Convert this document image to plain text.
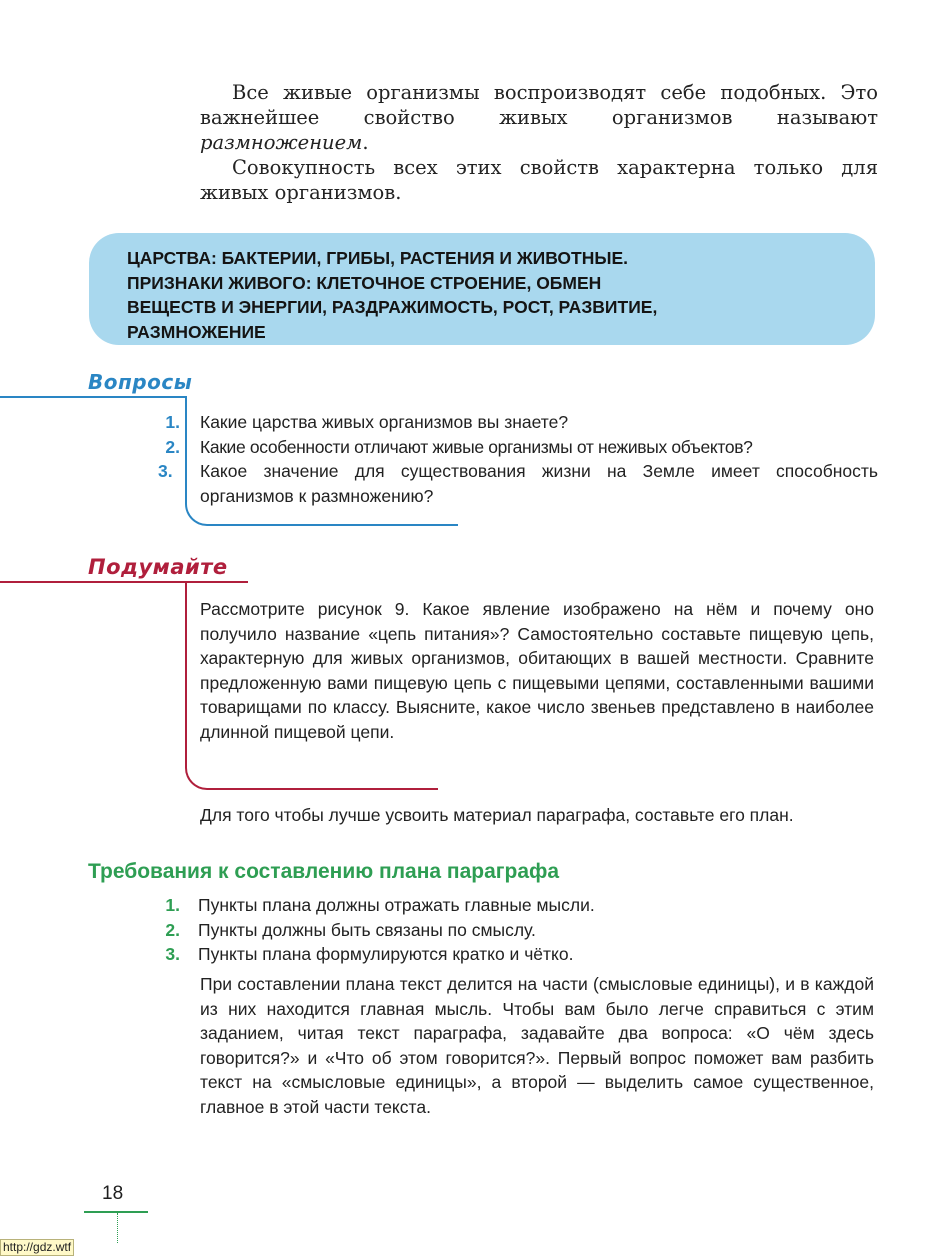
Все живые организмы воспроизводят себе подобных. Это важнейшее свойство живых организмов называют размножением.

Совокупность всех этих свойств характерна только для живых организмов.

ЦАРСТВА: БАКТЕРИИ, ГРИБЫ, РАСТЕНИЯ И ЖИВОТНЫЕ.
ПРИЗНАКИ ЖИВОГО: КЛЕТОЧНОЕ СТРОЕНИЕ, ОБМЕН
ВЕЩЕСТВ И ЭНЕРГИИ, РАЗДРАЖИМОСТЬ, РОСТ, РАЗВИТИЕ,
РАЗМНОЖЕНИЕ
Вопросы
1. Какие царства живых организмов вы знаете?
2. Какие особенности отличают живые организмы от неживых объектов?
3.	Какое значение для существования жизни на Земле имеет способность организмов к размножению?
Подумайте
Рассмотрите рисунок 9. Какое явление изображено на нём и почему оно получило название «цепь питания»? Самостоятельно составьте пищевую цепь, характерную для живых организмов, обитающих в вашей местности. Сравните предложенную вами пищевую цепь с пищевыми цепями, составленными вашими товарищами по классу. Выясните, какое число звеньев представлено в наиболее длинной пищевой цепи.
Для того чтобы лучше усвоить материал параграфа, составьте его план.
Требования к составлению плана параграфа
1. Пункты плана должны отражать главные мысли.
2. Пункты должны быть связаны по смыслу.
3. Пункты плана формулируются кратко и чётко.
При составлении плана текст делится на части (смысловые единицы), и в каждой из них находится главная мысль. Чтобы вам было легче справиться с этим заданием, читая текст параграфа, задавайте два вопроса: «О чём здесь говорится?» и «Что об этом говорится?». Первый вопрос поможет вам разбить текст на «смысловые единицы», а второй — выделить самое существенное, главное в этой части текста.
18
http://gdz.wtf
